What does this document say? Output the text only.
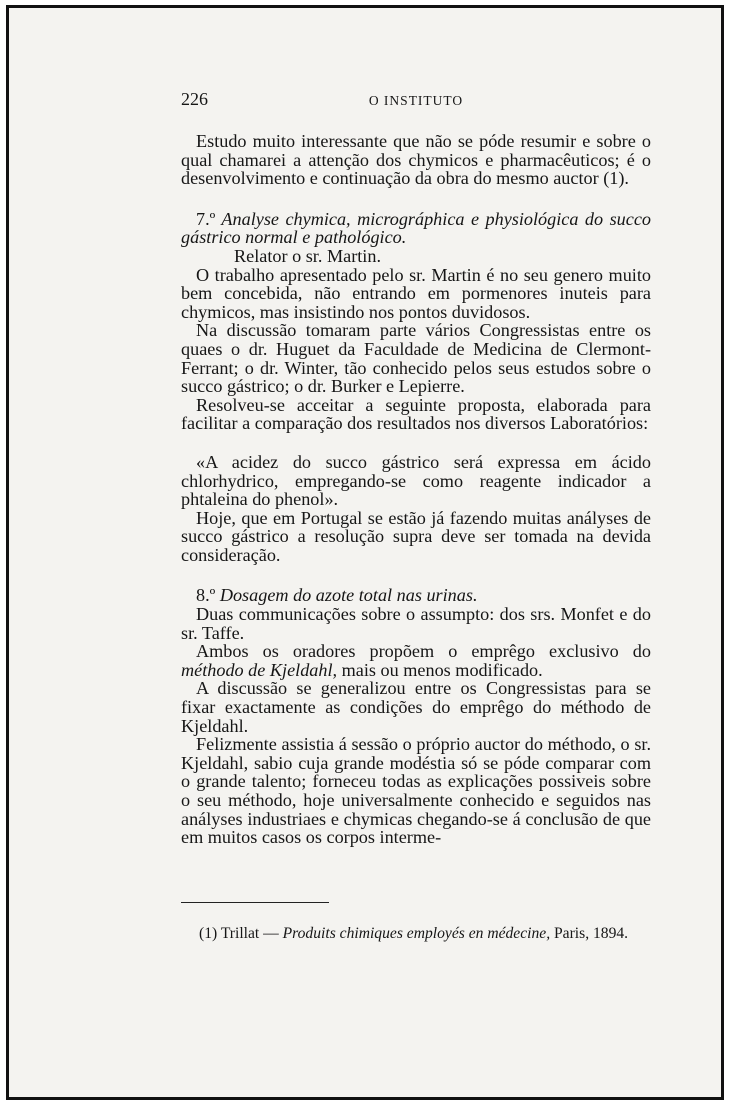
226	O INSTITUTO

Estudo muito interessante que não se póde resumir e sobre o qual chamarei a attenção dos chymicos e pharmacêuticos; é o desenvolvimento e continuação da obra do mesmo auctor (1).

7.º Analyse chymica, micrográphica e physiológica do succo gástrico normal e pathológico.

Relator o sr. Martin.

O trabalho apresentado pelo sr. Martin é no seu genero muito bem concebida, não entrando em pormenores inuteis para chymicos, mas insistindo nos pontos duvidosos.

Na discussão tomaram parte vários Congressistas entre os quaes o dr. Huguet da Faculdade de Medicina de Clermont-Ferrant; o dr. Winter, tão conhecido pelos seus estudos sobre o succo gástrico; o dr. Burker e Lepierre.

Resolveu-se acceitar a seguinte proposta, elaborada para facilitar a comparação dos resultados nos diversos Laboratórios:

«A acidez do succo gástrico será expressa em ácido chlorhydrico, empregando-se como reagente indicador a phtaleina do phenol».

Hoje, que em Portugal se estão já fazendo muitas anályses de succo gástrico a resolução supra deve ser tomada na devida consideração.

8.º Dosagem do azote total nas urinas.

Duas communicações sobre o assumpto: dos srs. Monfet e do sr. Taffe.

Ambos os oradores propõem o emprêgo exclusivo do méthodo de Kjeldahl, mais ou menos modificado.

A discussão se generalizou entre os Congressistas para se fixar exactamente as condições do emprêgo do méthodo de Kjeldahl.

Felizmente assistia á sessão o próprio auctor do méthodo, o sr. Kjeldahl, sabio cuja grande modéstia só se póde comparar com o grande talento; forneceu todas as explicações possiveis sobre o seu méthodo, hoje universalmente conhecido e seguidos nas anályses industriaes e chymicas chegando-se á conclusão de que em muitos casos os corpos interme-

(1) Trillat — Produits chimiques employés en médecine, Paris, 1894.
